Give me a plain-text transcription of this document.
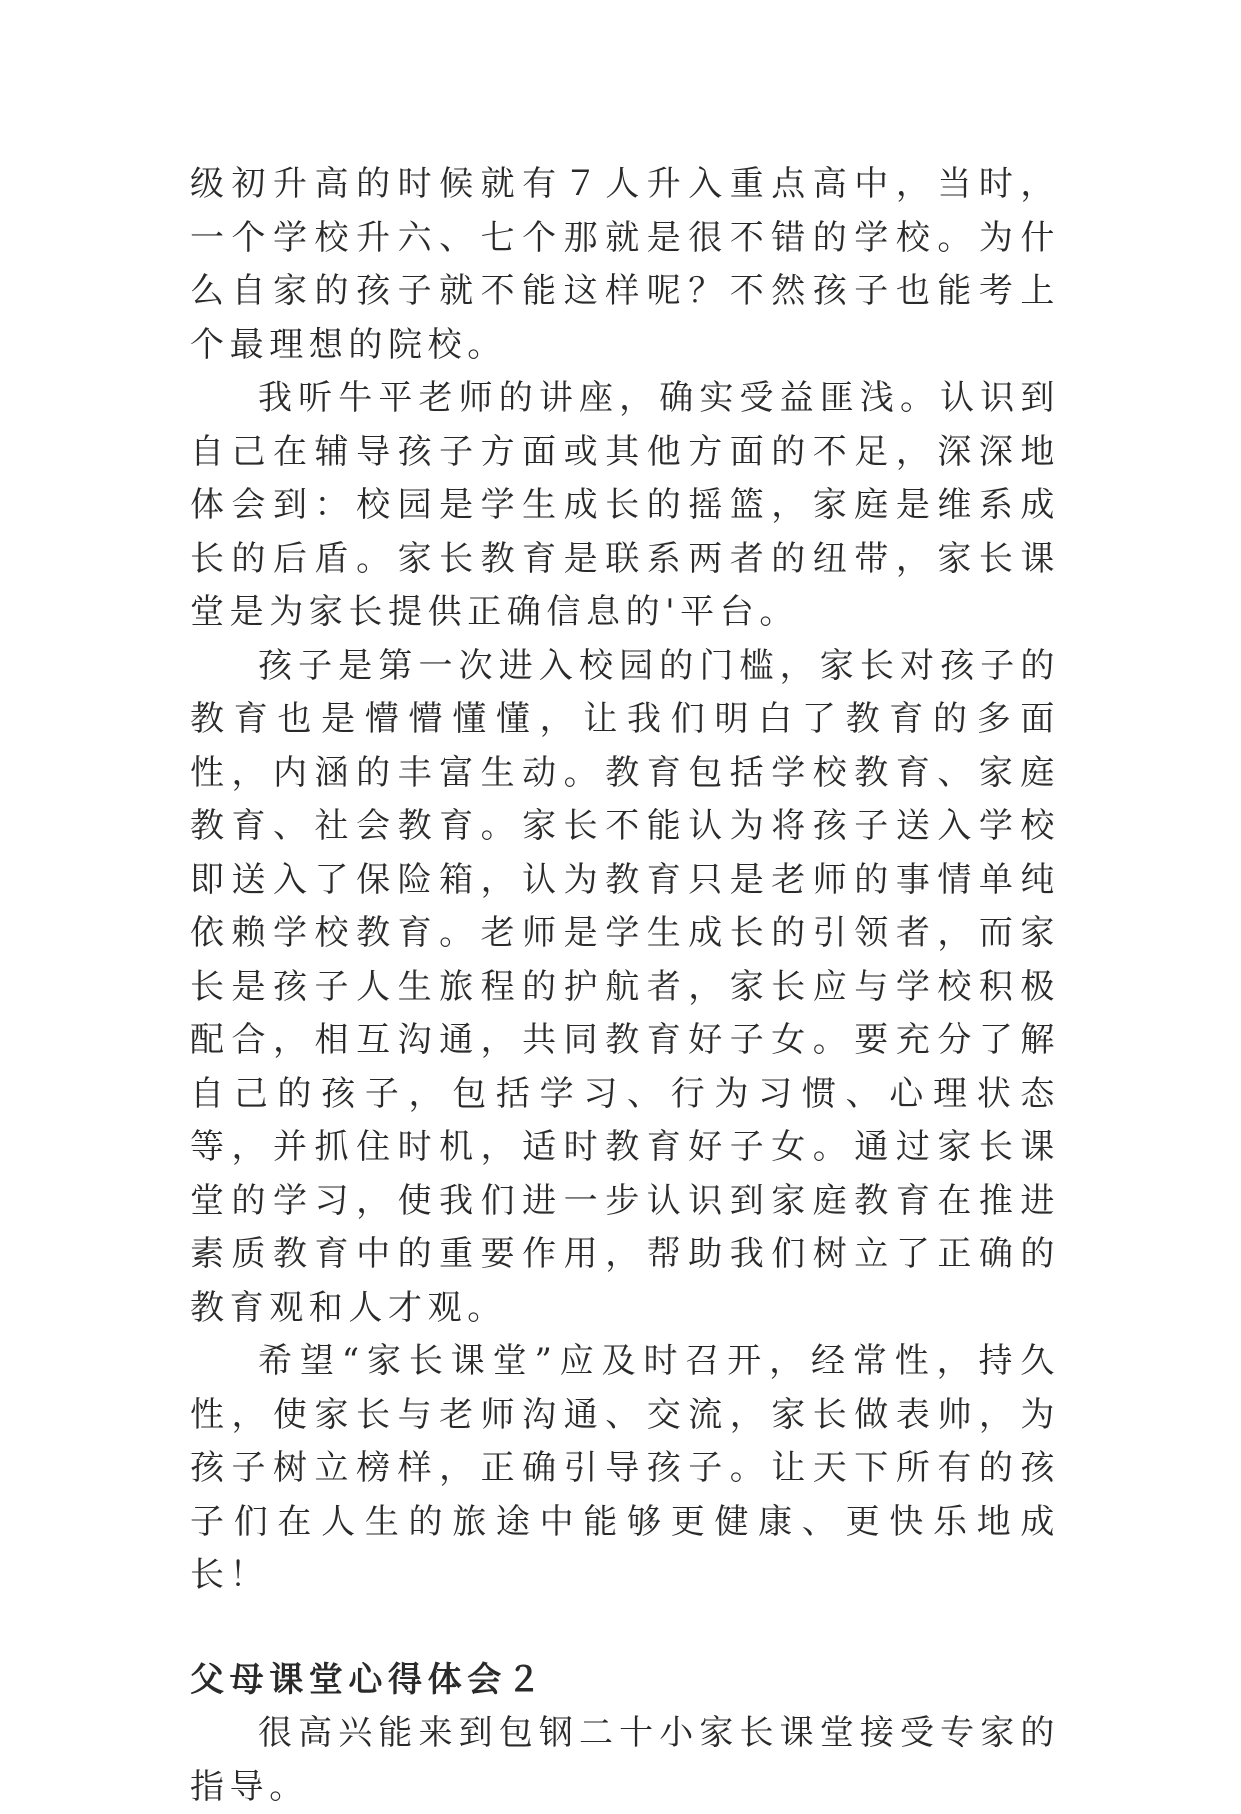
级初升高的时候就有７人升入重点高中，当时，一个学校升六、七个那就是很不错的学校。为什么自家的孩子就不能这样呢？不然孩子也能考上个最理想的院校。

我听牛平老师的讲座，确实受益匪浅。认识到自己在辅导孩子方面或其他方面的不足，深深地体会到：校园是学生成长的摇篮，家庭是维系成长的后盾。家长教育是联系两者的纽带，家长课堂是为家长提供正确信息的'平台。

孩子是第一次进入校园的门槛，家长对孩子的教育也是懵懵懂懂，让我们明白了教育的多面性，内涵的丰富生动。教育包括学校教育、家庭教育、社会教育。家长不能认为将孩子送入学校即送入了保险箱，认为教育只是老师的事情单纯依赖学校教育。老师是学生成长的引领者，而家长是孩子人生旅程的护航者，家长应与学校积极配合，相互沟通，共同教育好子女。要充分了解自己的孩子，包括学习、行为习惯、心理状态等，并抓住时机，适时教育好子女。通过家长课堂的学习，使我们进一步认识到家庭教育在推进素质教育中的重要作用，帮助我们树立了正确的教育观和人才观。

希望“家长课堂”应及时召开，经常性，持久性，使家长与老师沟通、交流，家长做表帅，为孩子树立榜样，正确引导孩子。让天下所有的孩子们在人生的旅途中能够更健康、更快乐地成长！

父母课堂心得体会２

很高兴能来到包钢二十小家长课堂接受专家的指导。
